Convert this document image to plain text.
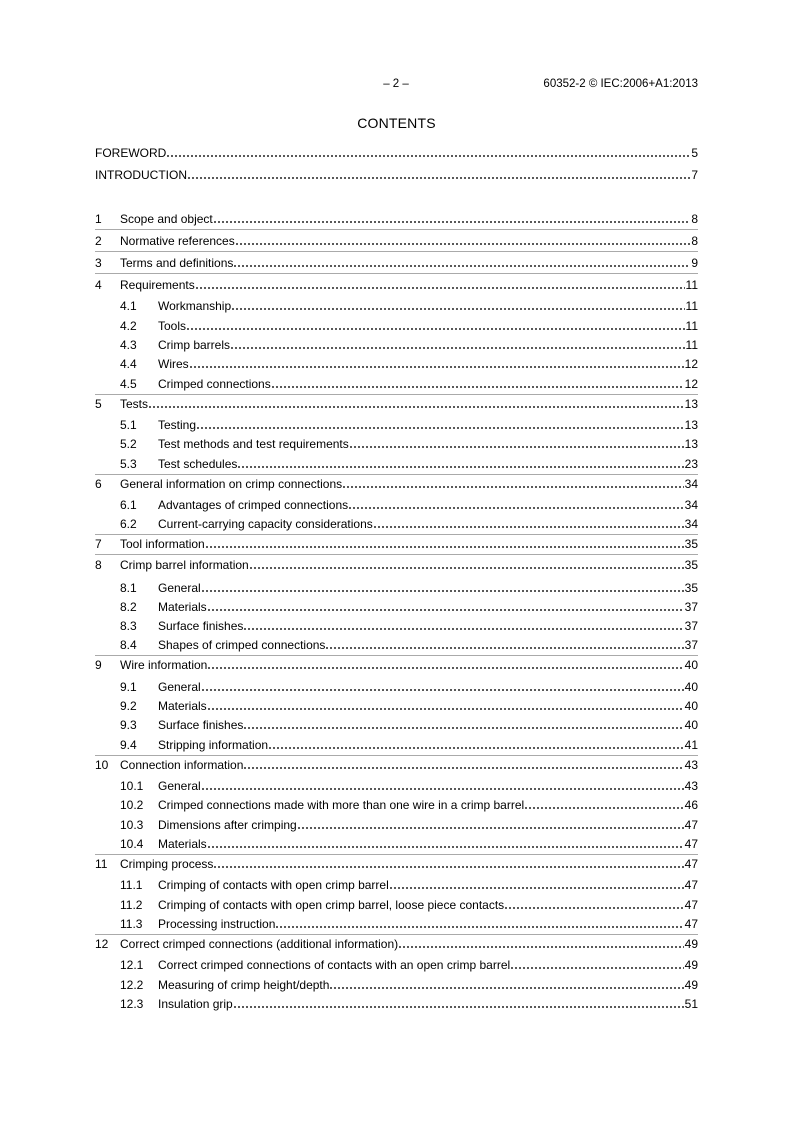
– 2 –	60352-2 © IEC:2006+A1:2013
CONTENTS
FOREWORD	5
INTRODUCTION	7
1	Scope and object	8
2	Normative references	8
3	Terms and definitions	9
4	Requirements	11
4.1	Workmanship	11
4.2	Tools	11
4.3	Crimp barrels	11
4.4	Wires	12
4.5	Crimped connections	12
5	Tests	13
5.1	Testing	13
5.2	Test methods and test requirements	13
5.3	Test schedules	23
6	General information on crimp connections	34
6.1	Advantages of crimped connections	34
6.2	Current-carrying capacity considerations	34
7	Tool information	35
8	Crimp barrel information	35
8.1	General	35
8.2	Materials	37
8.3	Surface finishes	37
8.4	Shapes of crimped connections	37
9	Wire information	40
9.1	General	40
9.2	Materials	40
9.3	Surface finishes	40
9.4	Stripping information	41
10 Connection information	43
10.1	General	43
10.2	Crimped connections made with more than one wire in a crimp barrel	46
10.3	Dimensions after crimping	47
10.4	Materials	47
11	Crimping process	47
11.1	Crimping of contacts with open crimp barrel	47
11.2	Crimping of contacts with open crimp barrel, loose piece contacts	47
11.3	Processing instruction	47
12 Correct crimped connections (additional information)	49
12.1	Correct crimped connections of contacts with an open crimp barrel	49
12.2	Measuring of crimp height/depth	49
12.3	Insulation grip	51
